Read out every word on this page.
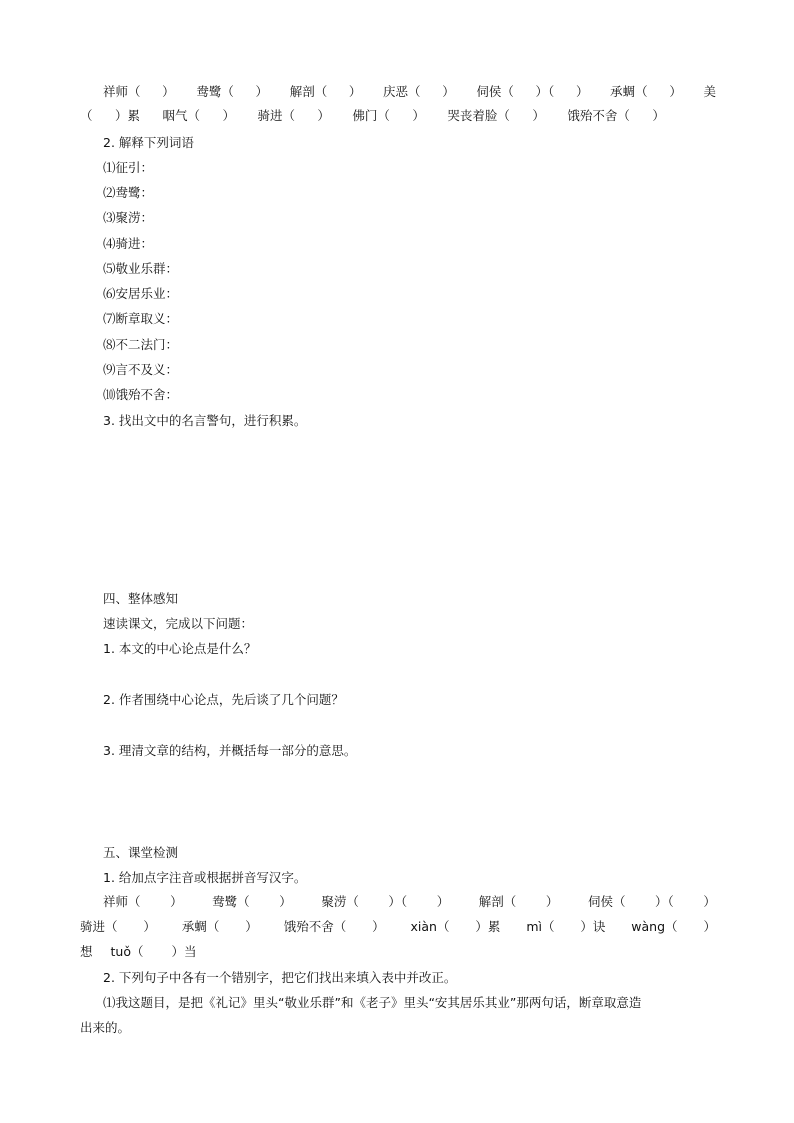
祥师（ ） 鸯鹭（ ） 解剖（ ） 庆恶（ ） 伺侯（ ）（ ） 承蜩（ ） 美
（ ）累 咽气（ ） 骑进（ ） 佛门（ ） 哭丧着脸（ ） 饿殆不舍（ ）
2. 解释下列词语
⑴征引：
⑵鸯鹭：
⑶聚涝：
⑷骑进：
⑸敬业乐群：
⑹安居乐业：
⑺断章取义：
⑻不二法门：
⑼言不及义：
⑽饿殆不舍：
3. 找出文中的名言警句，进行积累。
四、整体感知
速读课文，完成以下问题：
1. 本文的中心论点是什么？
2. 作者围绕中心论点，先后谈了几个问题？
3. 理清文章的结构，并概括每一部分的意思。
五、课堂检测
1. 给加点字注音或根据拼音写汉字。
祥师（ ） 鸯鹭（ ） 聚涝（ ）（ ） 解剖（ ） 伺侯（ ）（ ）
骑进（ ） 承蜩（ ） 饿殆不舍（ ） xiàn（ ）累 mì（ ）诀 wàng（ ）
想 tuǒ（ ）当
2. 下列句子中各有一个错别字，把它们找出来填入表中并改正。
⑴我这题目，是把《礼记》里头“敬业乐群”和《老子》里头“安其居乐其业”那两句话，断章取意造
出来的。
